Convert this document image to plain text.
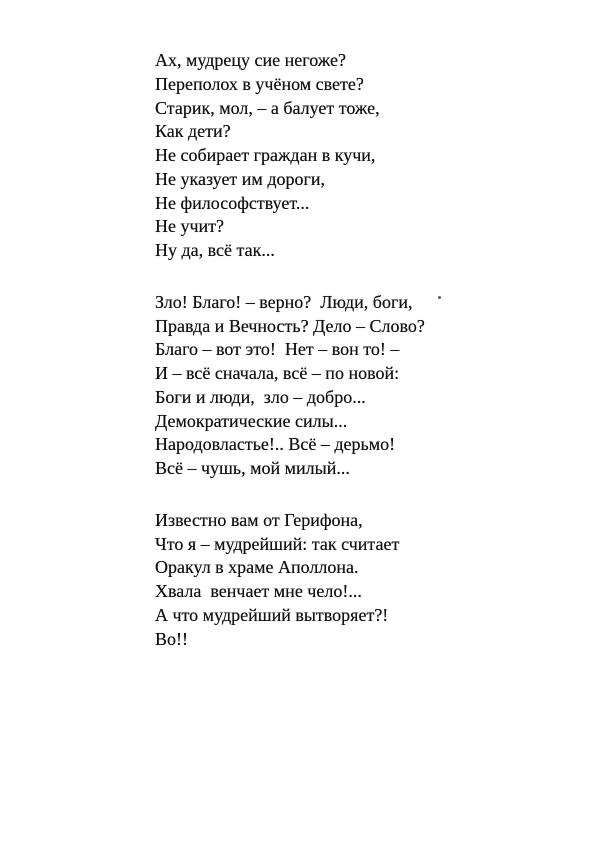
Ах, мудрецу сие негоже?
Переполох в учёном свете?
Старик, мол, – а балует тоже,
Как дети?
Не собирает граждан в кучи,
Не указует им дороги,
Не философствует...
Не учит?
Ну да, всё так...
Зло! Благо! – верно?  Люди, боги,
Правда и Вечность? Дело – Слово?
Благо – вот это!  Нет – вон то! –
И – всё сначала, всё – по новой:
Боги и люди,  зло – добро...
Демократические силы...
Народовластье!.. Всё – дерьмо!
Всё – чушь, мой милый...
Известно вам от Герифона,
Что я – мудрейший: так считает
Оракул в храме Аполлона.
Хвала  венчает мне чело!...
А что мудрейший вытворяет?!
Во!!
